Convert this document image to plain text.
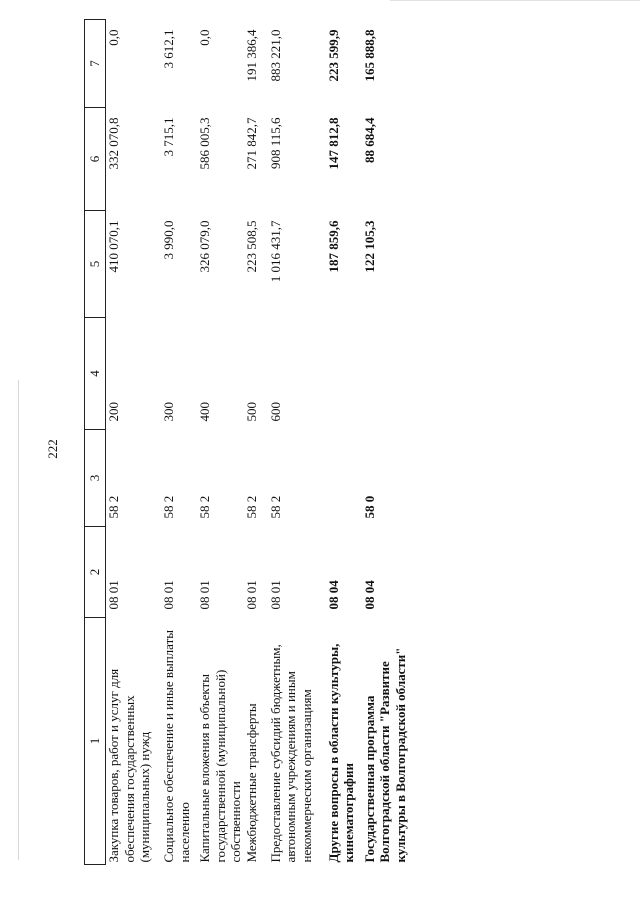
222
1	2	3	4	5	6	7
Закупка товаров, работ и услуг для обеспечения государственных (муниципальных) нужд	08 01	58 2	200	410 070,1	332 070,8	0,0
Социальное обеспечение и иные выплаты населению	08 01	58 2	300	3 990,0	3 715,1	3 612,1
Капитальные вложения в объекты государственной (муниципальной) собственности	08 01	58 2	400	326 079,0	586 005,3	0,0
Межбюджетные трансферты	08 01	58 2	500	223 508,5	271 842,7	191 386,4
Предоставление субсидий бюджетным, автономным учреждениям и иным некоммерческим организациям	08 01	58 2	600	1 016 431,7	908 115,6	883 221,0
Другие вопросы в области культуры, кинематографии	08 04			187 859,6	147 812,8	223 599,9
Государственная программа Волгоградской области "Развитие культуры в Волгоградской области"	08 04	58 0		122 105,3	88 684,4	165 888,8
